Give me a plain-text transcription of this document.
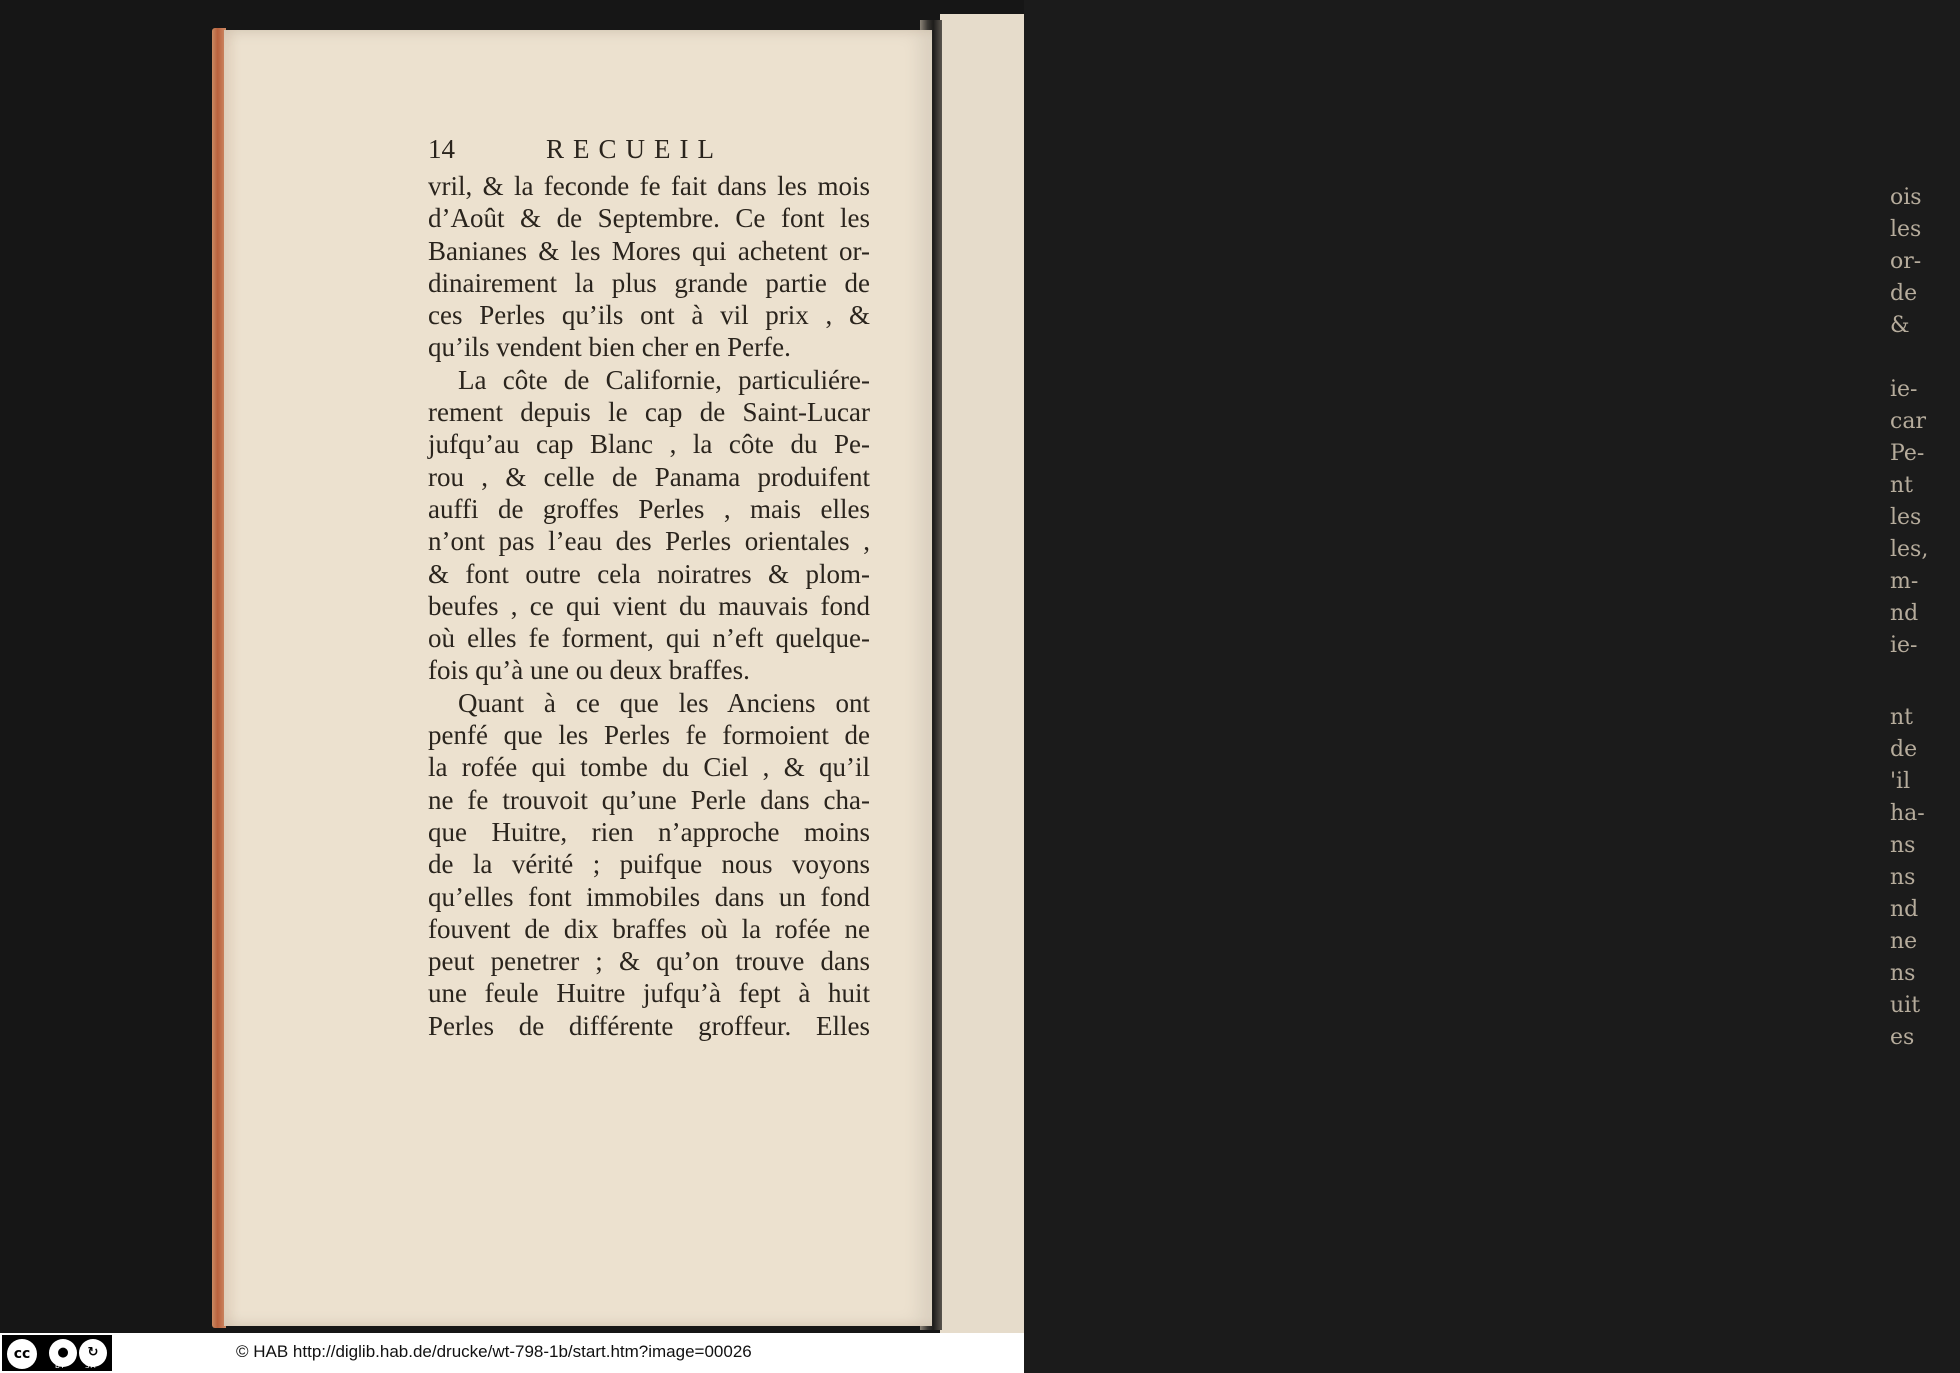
ois
les
or-
de
&
ie-
car
Pe-
nt
les
les,
m-
nd
ie-
nt
de
'il
ha-
ns
ns
nd
ne
ns
uit
es
14	RECUEIL
vril, & la feconde fe fait dans les mois
d’Août & de Septembre. Ce font les
Banianes & les Mores qui achetent or-
dinairement la plus grande partie de
ces Perles qu’ils ont à vil prix , &
qu’ils vendent bien cher en Perfe.
La côte de Californie, particuliére-
rement depuis le cap de Saint-Lucar
jufqu’au cap Blanc , la côte du Pe-
rou , & celle de Panama produifent
auffi de groffes Perles , mais elles
n’ont pas l’eau des Perles orientales ,
& font outre cela noiratres & plom-
beufes , ce qui vient du mauvais fond
où elles fe forment, qui n’eft quelque-
fois qu’à une ou deux braffes.
Quant à ce que les Anciens ont
penfé que les Perles fe formoient de
la rofée qui tombe du Ciel , & qu’il
ne fe trouvoit qu’une Perle dans cha-
que Huitre, rien n’approche moins
de la vérité ; puifque nous voyons
qu’elles font immobiles dans un fond
fouvent de dix braffes où la rofée ne
peut penetrer ; & qu’on trouve dans
une feule Huitre jufqu’à fept à huit
Perles de différente groffeur. Elles
cc	●	↻
BY	SA
© HAB http://diglib.hab.de/drucke/wt-798-1b/start.htm?image=00026
